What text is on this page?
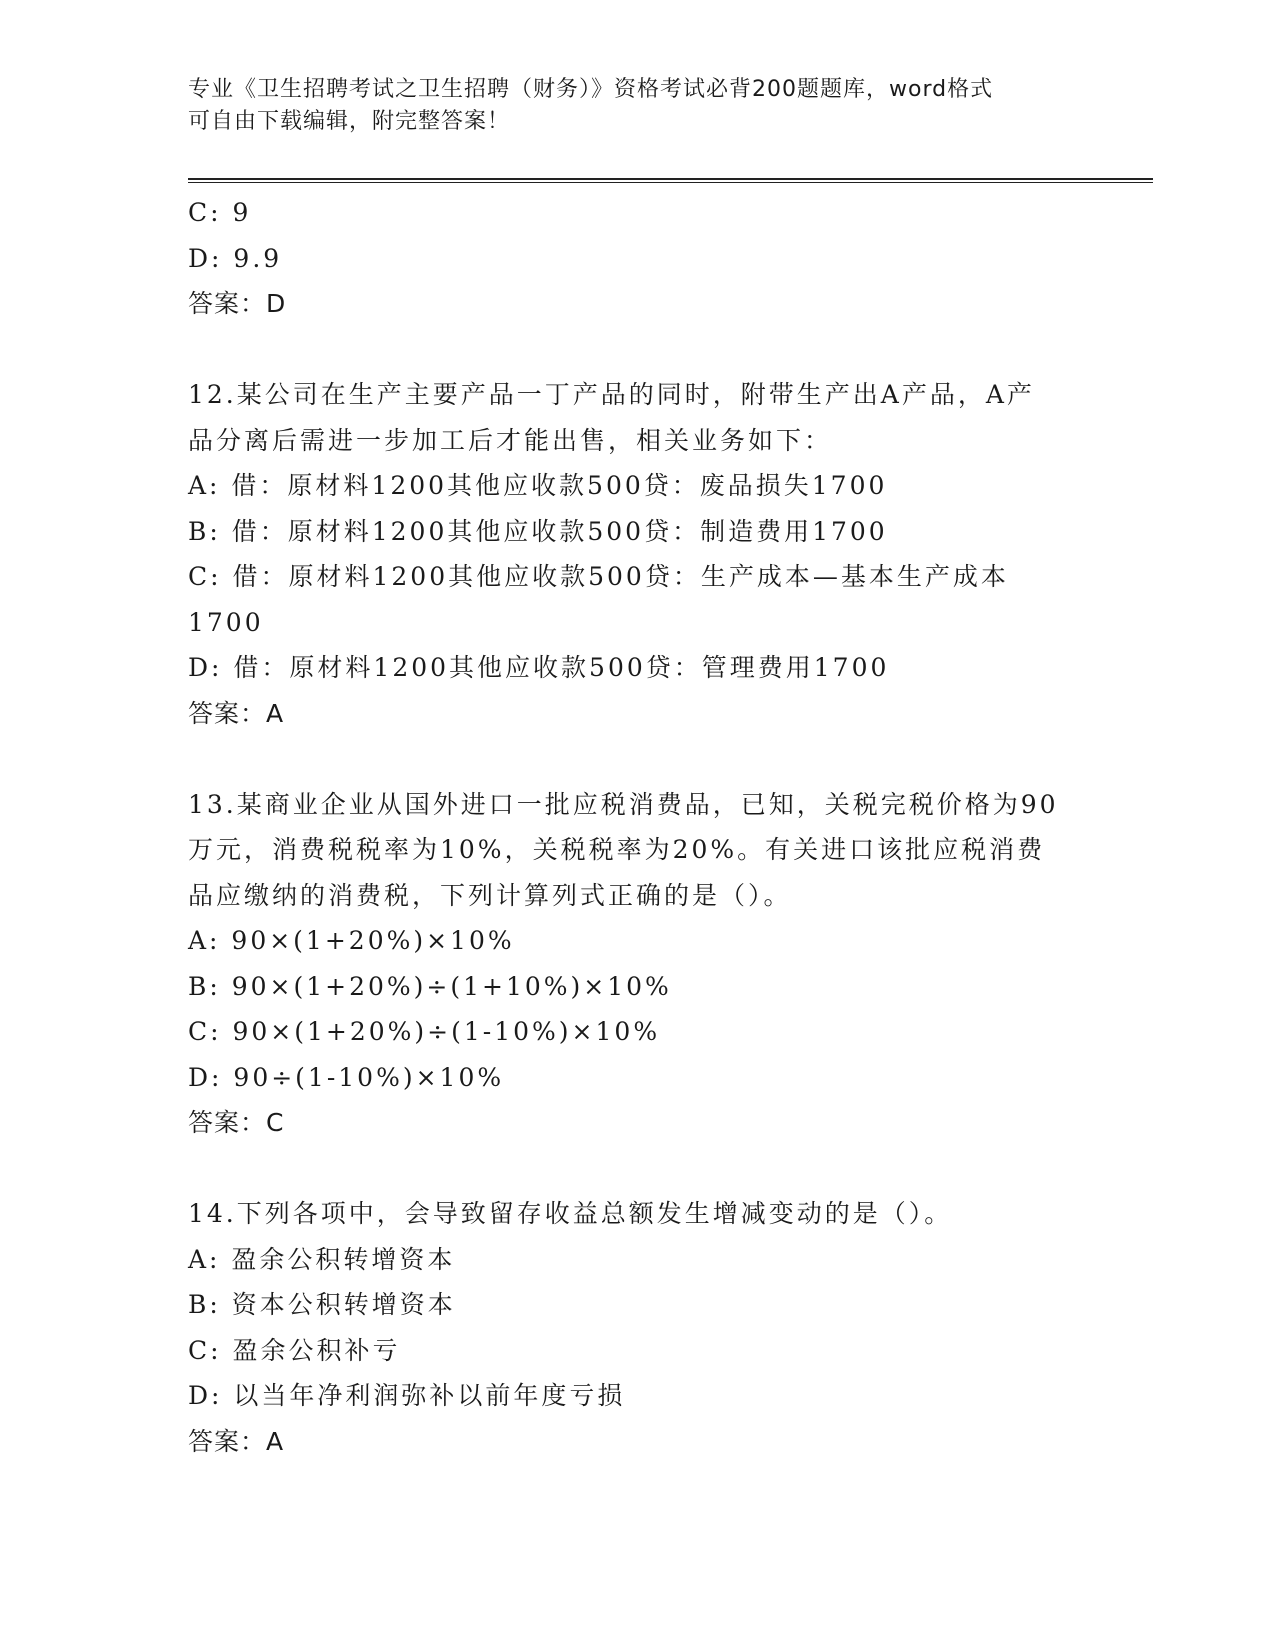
专业《卫生招聘考试之卫生招聘（财务）》资格考试必背200题题库，word格式
可自由下载编辑，附完整答案！
C: 9
D: 9.9
答案：D
12.某公司在生产主要产品一丁产品的同时，附带生产出A产品，A产
品分离后需进一步加工后才能出售，相关业务如下：
A: 借：原材料1200其他应收款500贷：废品损失1700
B: 借：原材料1200其他应收款500贷：制造费用1700
C: 借：原材料1200其他应收款500贷：生产成本—基本生产成本
1700
D: 借：原材料1200其他应收款500贷：管理费用1700
答案：A
13.某商业企业从国外进口一批应税消费品，已知，关税完税价格为90
万元，消费税税率为10%，关税税率为20%。有关进口该批应税消费
品应缴纳的消费税，下列计算列式正确的是（）。
A: 90×(1+20%)×10%
B: 90×(1+20%)÷(1+10%)×10%
C: 90×(1+20%)÷(1-10%)×10%
D: 90÷(1-10%)×10%
答案：C
14.下列各项中，会导致留存收益总额发生增减变动的是（）。
A: 盈余公积转增资本
B: 资本公积转增资本
C: 盈余公积补亏
D: 以当年净利润弥补以前年度亏损
答案：A
